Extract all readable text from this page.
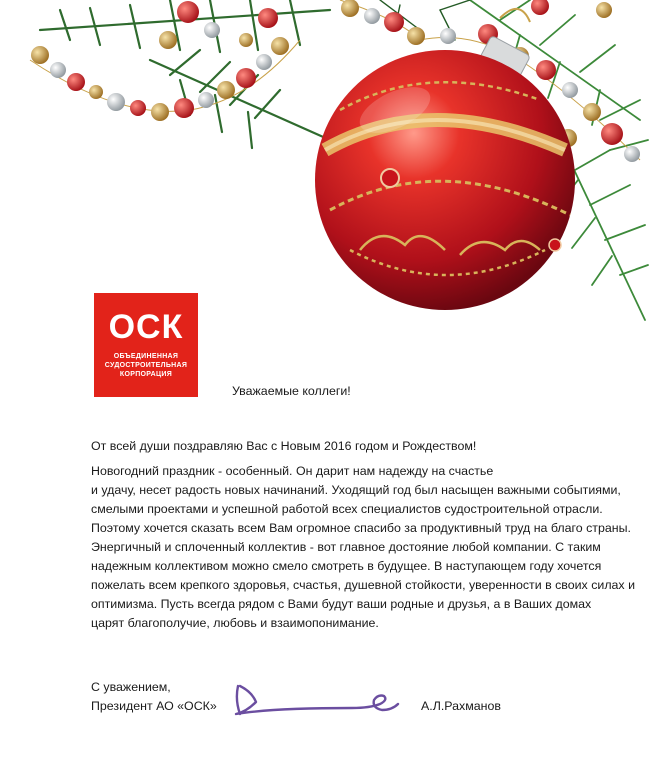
ОСК
ОБЪЕДИНЕННАЯ
СУДОСТРОИТЕЛЬНАЯ
КОРПОРАЦИЯ
Уважаемые коллеги!
От всей души поздравляю Вас с Новым 2016 годом и Рождеством!
Новогодний праздник - особенный. Он дарит нам надежду на счастье
и удачу, несет радость новых начинаний. Уходящий год был насыщен важными событиями,
смелыми проектами и успешной работой всех специалистов судостроительной отрасли.
Поэтому хочется сказать всем Вам огромное спасибо за продуктивный труд на благо страны.
Энергичный и сплоченный коллектив - вот главное достояние любой компании. С таким
надежным коллективом можно смело смотреть в будущее. В наступающем году хочется
пожелать всем крепкого здоровья, счастья, душевной стойкости, уверенности в своих силах и
оптимизма. Пусть всегда рядом с Вами будут ваши родные и друзья, а в Ваших домах
царят благополучие, любовь и взаимопонимание.
С уважением,
Президент АО «ОСК»	А.Л.Рахманов
